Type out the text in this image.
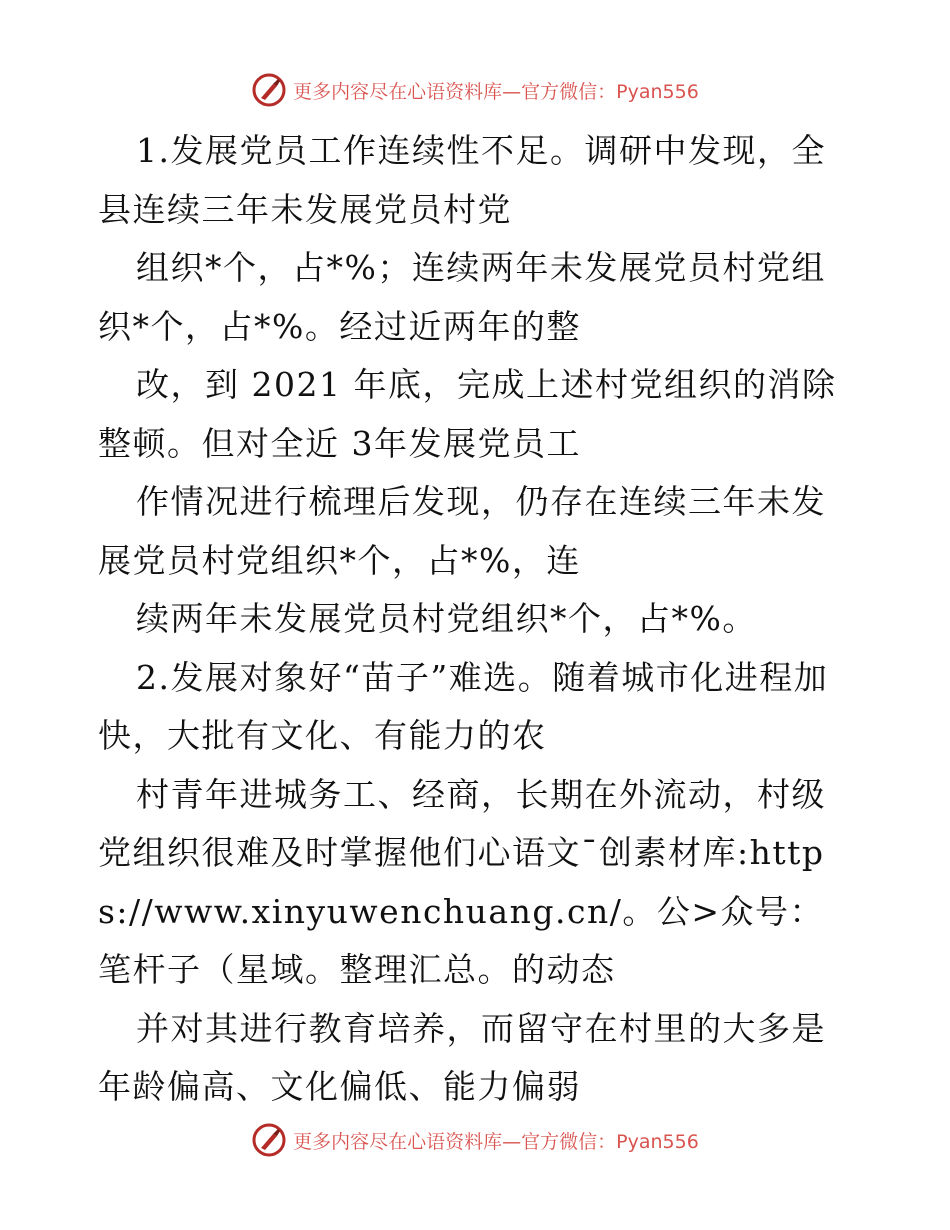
更多内容尽在心语资料库—官方微信：Pyan556

1.发展党员工作连续性不足。调研中发现，全县连续三年未发展党员村党

组织*个，占*%；连续两年未发展党员村党组织*个，占*%。经过近两年的整

改，到 2021 年底，完成上述村党组织的消除整顿。但对全近 3年发展党员工

作情况进行梳理后发现，仍存在连续三年未发展党员村党组织*个，占*%，连

续两年未发展党员村党组织*个，占*%。

2.发展对象好“苗子”难选。随着城市化进程加快，大批有文化、有能力的农

村青年进城务工、经商，长期在外流动，村级党组织很难及时掌握他们心语文¯创素材库:https://www.xinyuwenchuang.cn/。公>众号：笔杆子（星域。整理汇总。的动态

并对其进行教育培养，而留守在村里的大多是年龄偏高、文化偏低、能力偏弱

更多内容尽在心语资料库—官方微信：Pyan556
